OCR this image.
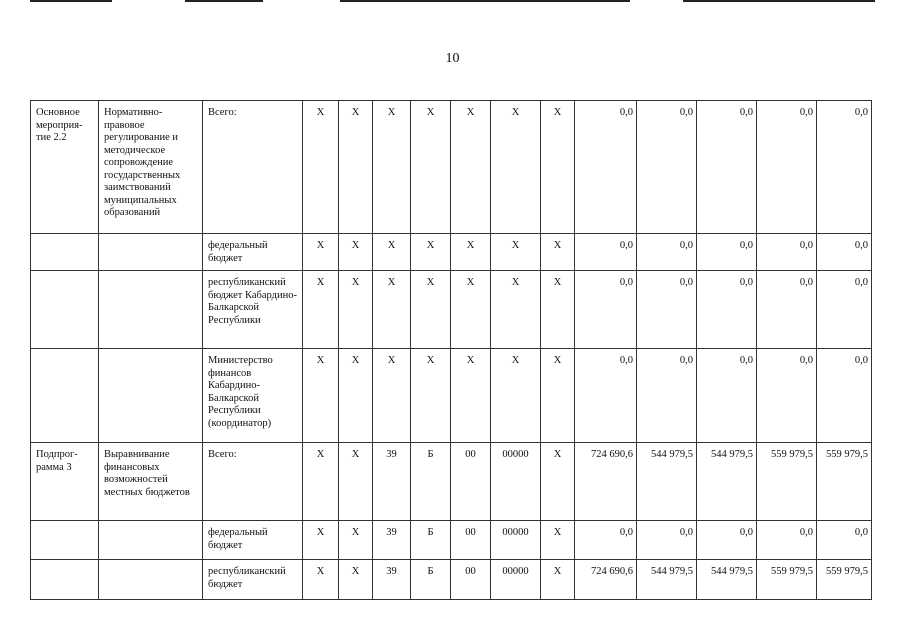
10
Основное мероприя-тие 2.2	Нормативно-правовое регулирование и методическое сопровождение государственных заимствований муниципальных образований	Всего:	Х	Х	Х	Х	Х	Х	Х	0,0	0,0	0,0	0,0	0,0
		федеральный бюджет	Х	Х	Х	Х	Х	Х	Х	0,0	0,0	0,0	0,0	0,0
		республиканский бюджет Кабардино-Балкарской Республики	Х	Х	Х	Х	Х	Х	Х	0,0	0,0	0,0	0,0	0,0
		Министерство финансов Кабардино-Балкарской Республики (координатор)	Х	Х	Х	Х	Х	Х	Х	0,0	0,0	0,0	0,0	0,0
Подпрог-рамма 3	Выравнивание финансовых возможностей местных бюджетов	Всего:	Х	Х	39	Б	00	00000	Х	724 690,6	544 979,5	544 979,5	559 979,5	559 979,5
		федеральный бюджет	Х	Х	39	Б	00	00000	Х	0,0	0,0	0,0	0,0	0,0
		республиканский бюджет	Х	Х	39	Б	00	00000	Х	724 690,6	544 979,5	544 979,5	559 979,5	559 979,5
